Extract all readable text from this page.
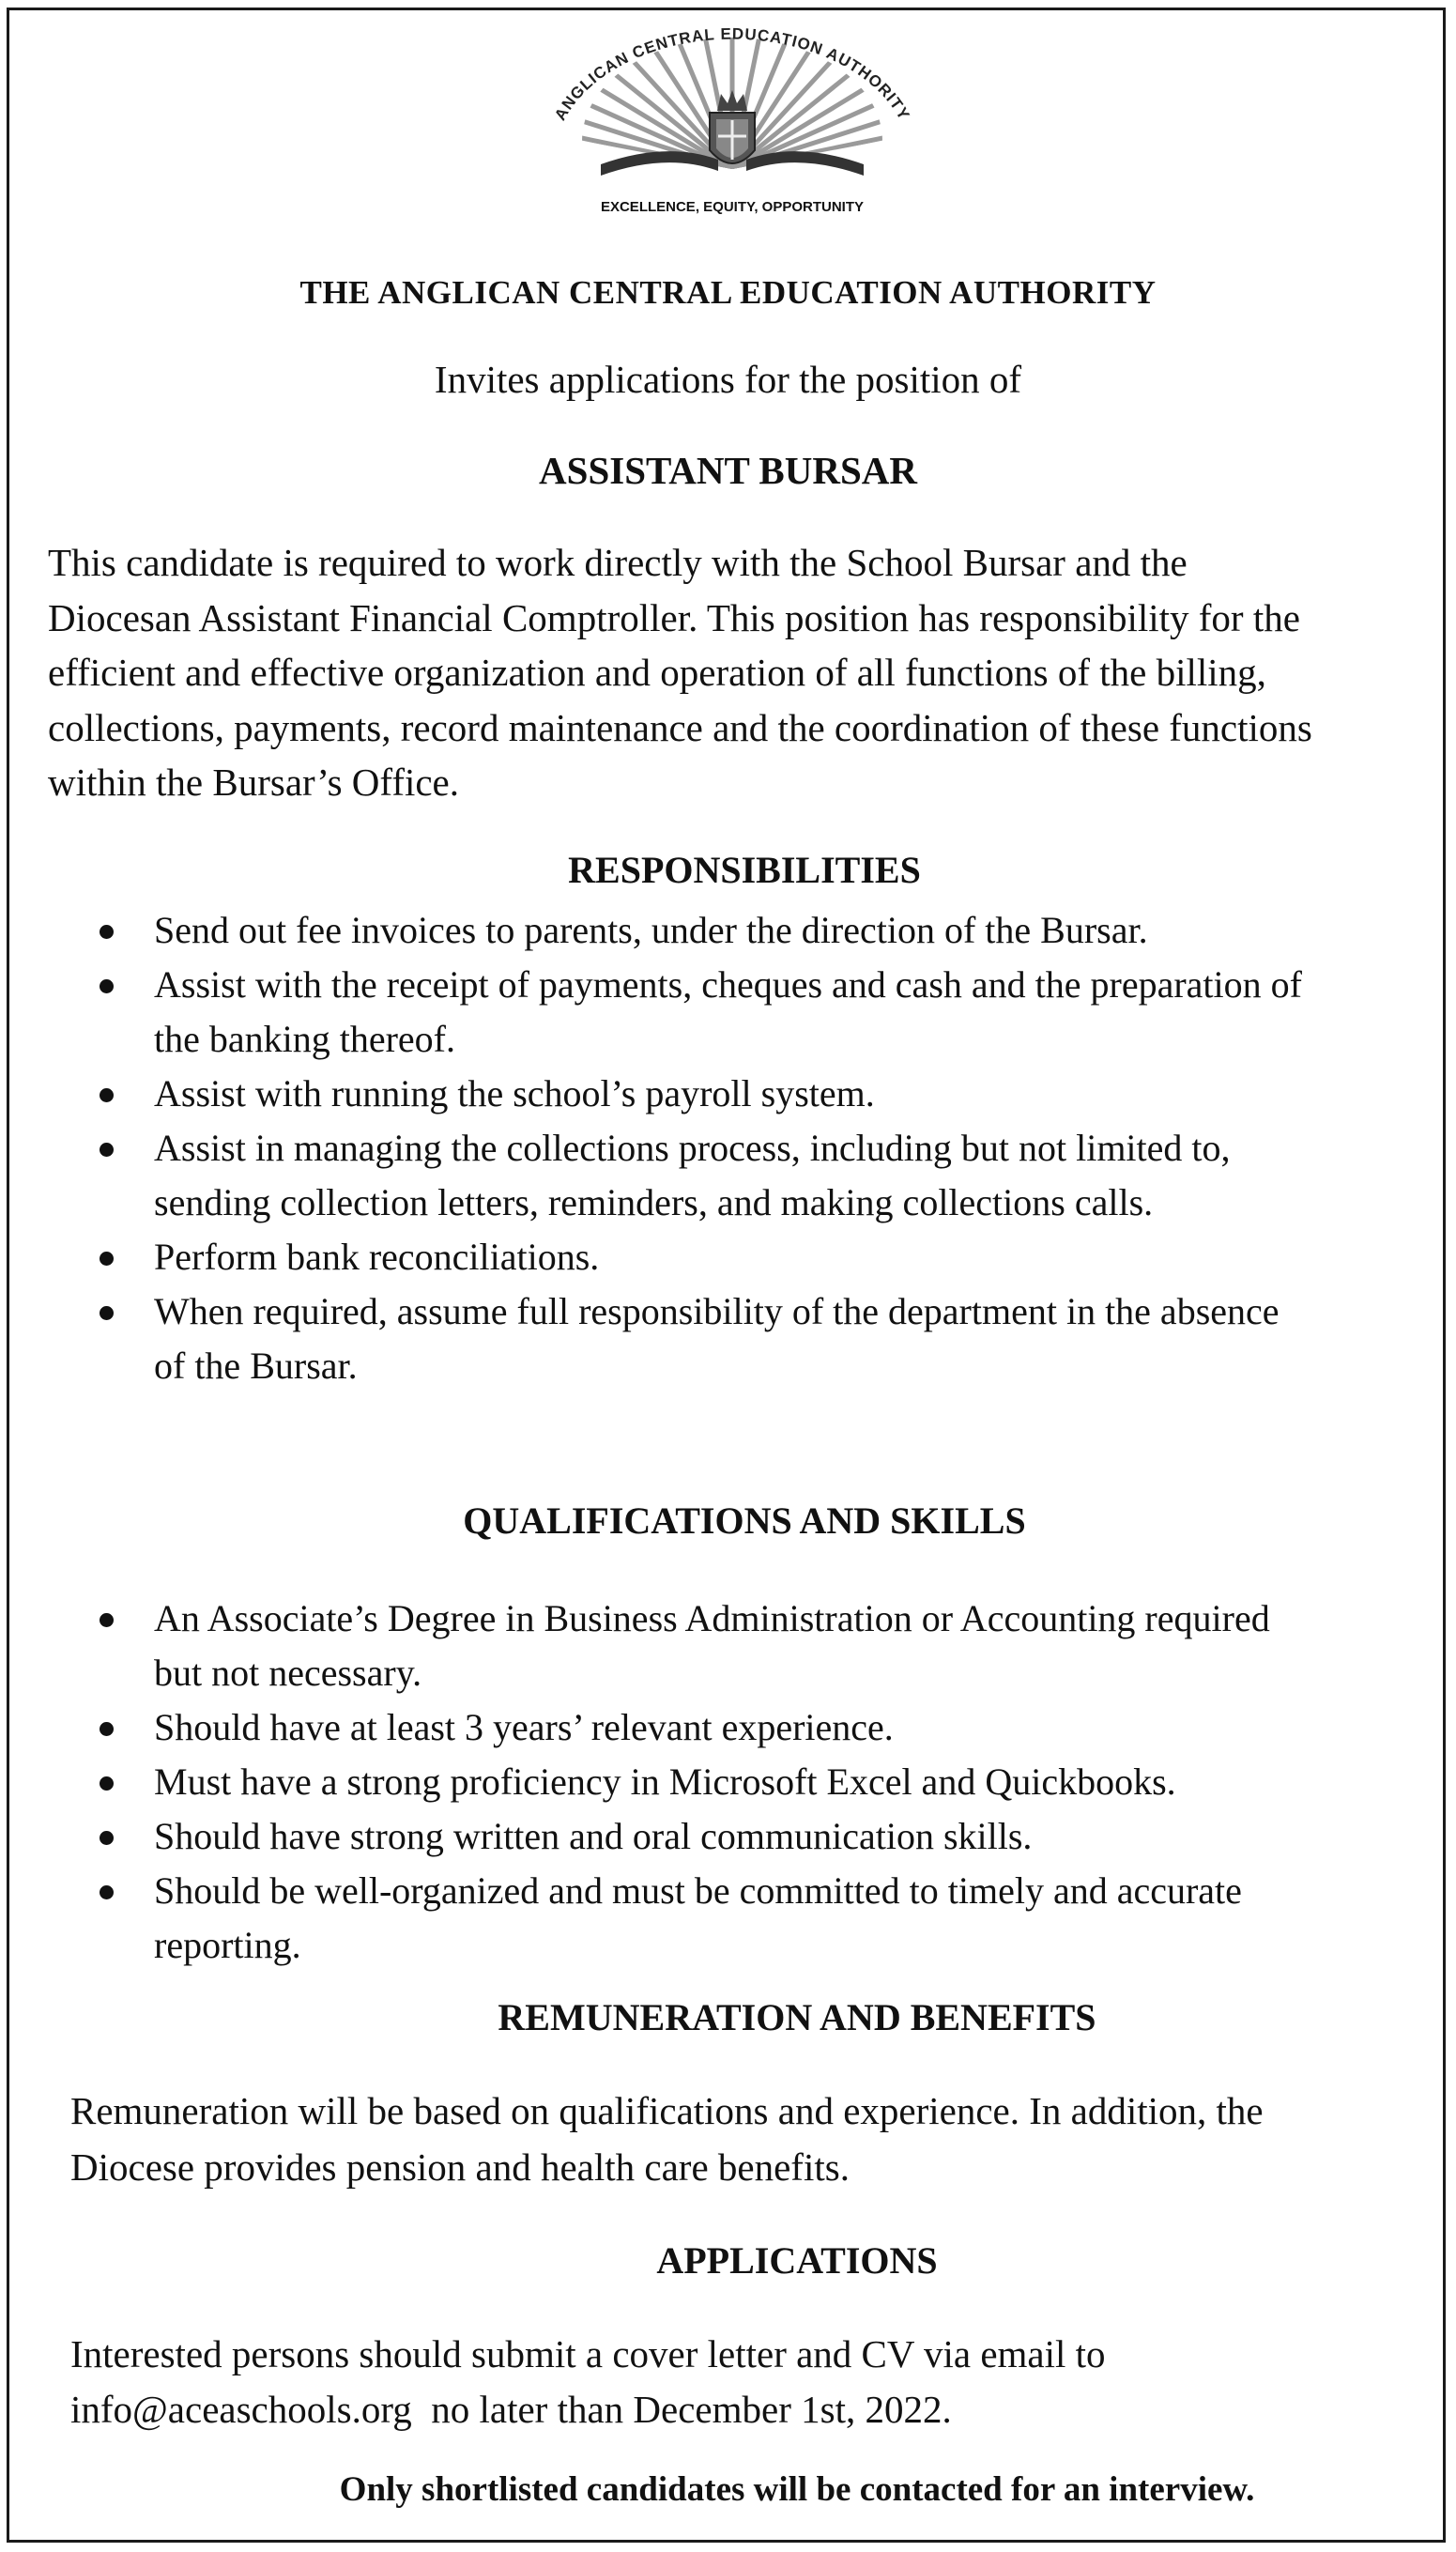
ANGLICAN CENTRAL EDUCATION AUTHORITY
EXCELLENCE, EQUITY, OPPORTUNITY
THE ANGLICAN CENTRAL EDUCATION AUTHORITY
Invites applications for the position of
ASSISTANT BURSAR
This candidate is required to work directly with the School Bursar and the
Diocesan Assistant Financial Comptroller. This position has responsibility for the
efficient and effective organization and operation of all functions of the billing,
collections, payments, record maintenance and the coordination of these functions
within the Bursar’s Office.
RESPONSIBILITIES
Send out fee invoices to parents, under the direction of the Bursar.
Assist with the receipt of payments, cheques and cash and the preparation of
the banking thereof.
Assist with running the school’s payroll system.
Assist in managing the collections process, including but not limited to,
sending collection letters, reminders, and making collections calls.
Perform bank reconciliations.
When required, assume full responsibility of the department in the absence
of the Bursar.
QUALIFICATIONS AND SKILLS
An Associate’s Degree in Business Administration or Accounting required
but not necessary.
Should have at least 3 years’ relevant experience.
Must have a strong proficiency in Microsoft Excel and Quickbooks.
Should have strong written and oral communication skills.
Should be well-organized and must be committed to timely and accurate
reporting.
REMUNERATION AND BENEFITS
Remuneration will be based on qualifications and experience. In addition, the
Diocese provides pension and health care benefits.
APPLICATIONS
Interested persons should submit a cover letter and CV via email to
info@aceaschools.org  no later than December 1st, 2022.
Only shortlisted candidates will be contacted for an interview.
